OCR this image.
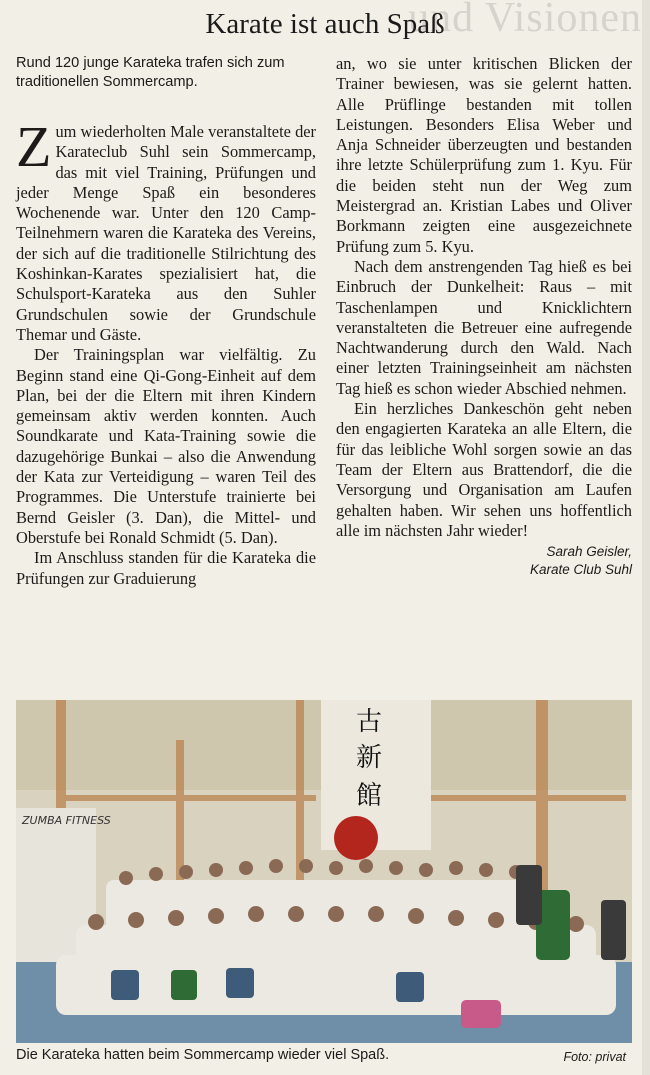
und Visionen
Karate ist auch Spaß
Rund 120 junge Karateka trafen sich zum traditionellen Sommercamp.

Zum wiederholten Male veranstaltete der Karateclub Suhl sein Sommercamp, das mit viel Training, Prüfungen und jeder Menge Spaß ein besonderes Wochenende war. Unter den 120 Camp-Teilnehmern waren die Karateka des Vereins, der sich auf die traditionelle Stilrichtung des Koshinkan-Karates spezialisiert hat, die Schulsport-Karateka aus den Suhler Grundschulen sowie der Grundschule Themar und Gäste.

Der Trainingsplan war vielfältig. Zu Beginn stand eine Qi-Gong-Einheit auf dem Plan, bei der die Eltern mit ihren Kindern gemeinsam aktiv werden konnten. Auch Soundkarate und Kata-Training sowie die dazugehörige Bunkai – also die Anwendung der Kata zur Verteidigung – waren Teil des Programmes. Die Unterstufe trainierte bei Bernd Geisler (3. Dan), die Mittel- und Oberstufe bei Ronald Schmidt (5. Dan).

Im Anschluss standen für die Karateka die Prüfungen zur Graduierung

an, wo sie unter kritischen Blicken der Trainer bewiesen, was sie gelernt hatten. Alle Prüflinge bestanden mit tollen Leistungen. Besonders Elisa Weber und Anja Schneider überzeugten und bestanden ihre letzte Schülerprüfung zum 1. Kyu. Für die beiden steht nun der Weg zum Meistergrad an. Kristian Labes und Oliver Borkmann zeigten eine ausgezeichnete Prüfung zum 5. Kyu.

Nach dem anstrengenden Tag hieß es bei Einbruch der Dunkelheit: Raus – mit Taschenlampen und Knicklichtern veranstalteten die Betreuer eine aufregende Nachtwanderung durch den Wald. Nach einer letzten Trainingseinheit am nächsten Tag hieß es schon wieder Abschied nehmen.

Ein herzliches Dankeschön geht neben den engagierten Karateka an alle Eltern, die für das leibliche Wohl sorgen sowie an das Team der Eltern aus Brattendorf, die die Versorgung und Organisation am Laufen gehalten haben. Wir sehen uns hoffentlich alle im nächsten Jahr wieder!

Sarah Geisler,
Karate Club Suhl
古
新
館
ZUMBA FITNESS
Die Karateka hatten beim Sommercamp wieder viel Spaß.	Foto: privat
